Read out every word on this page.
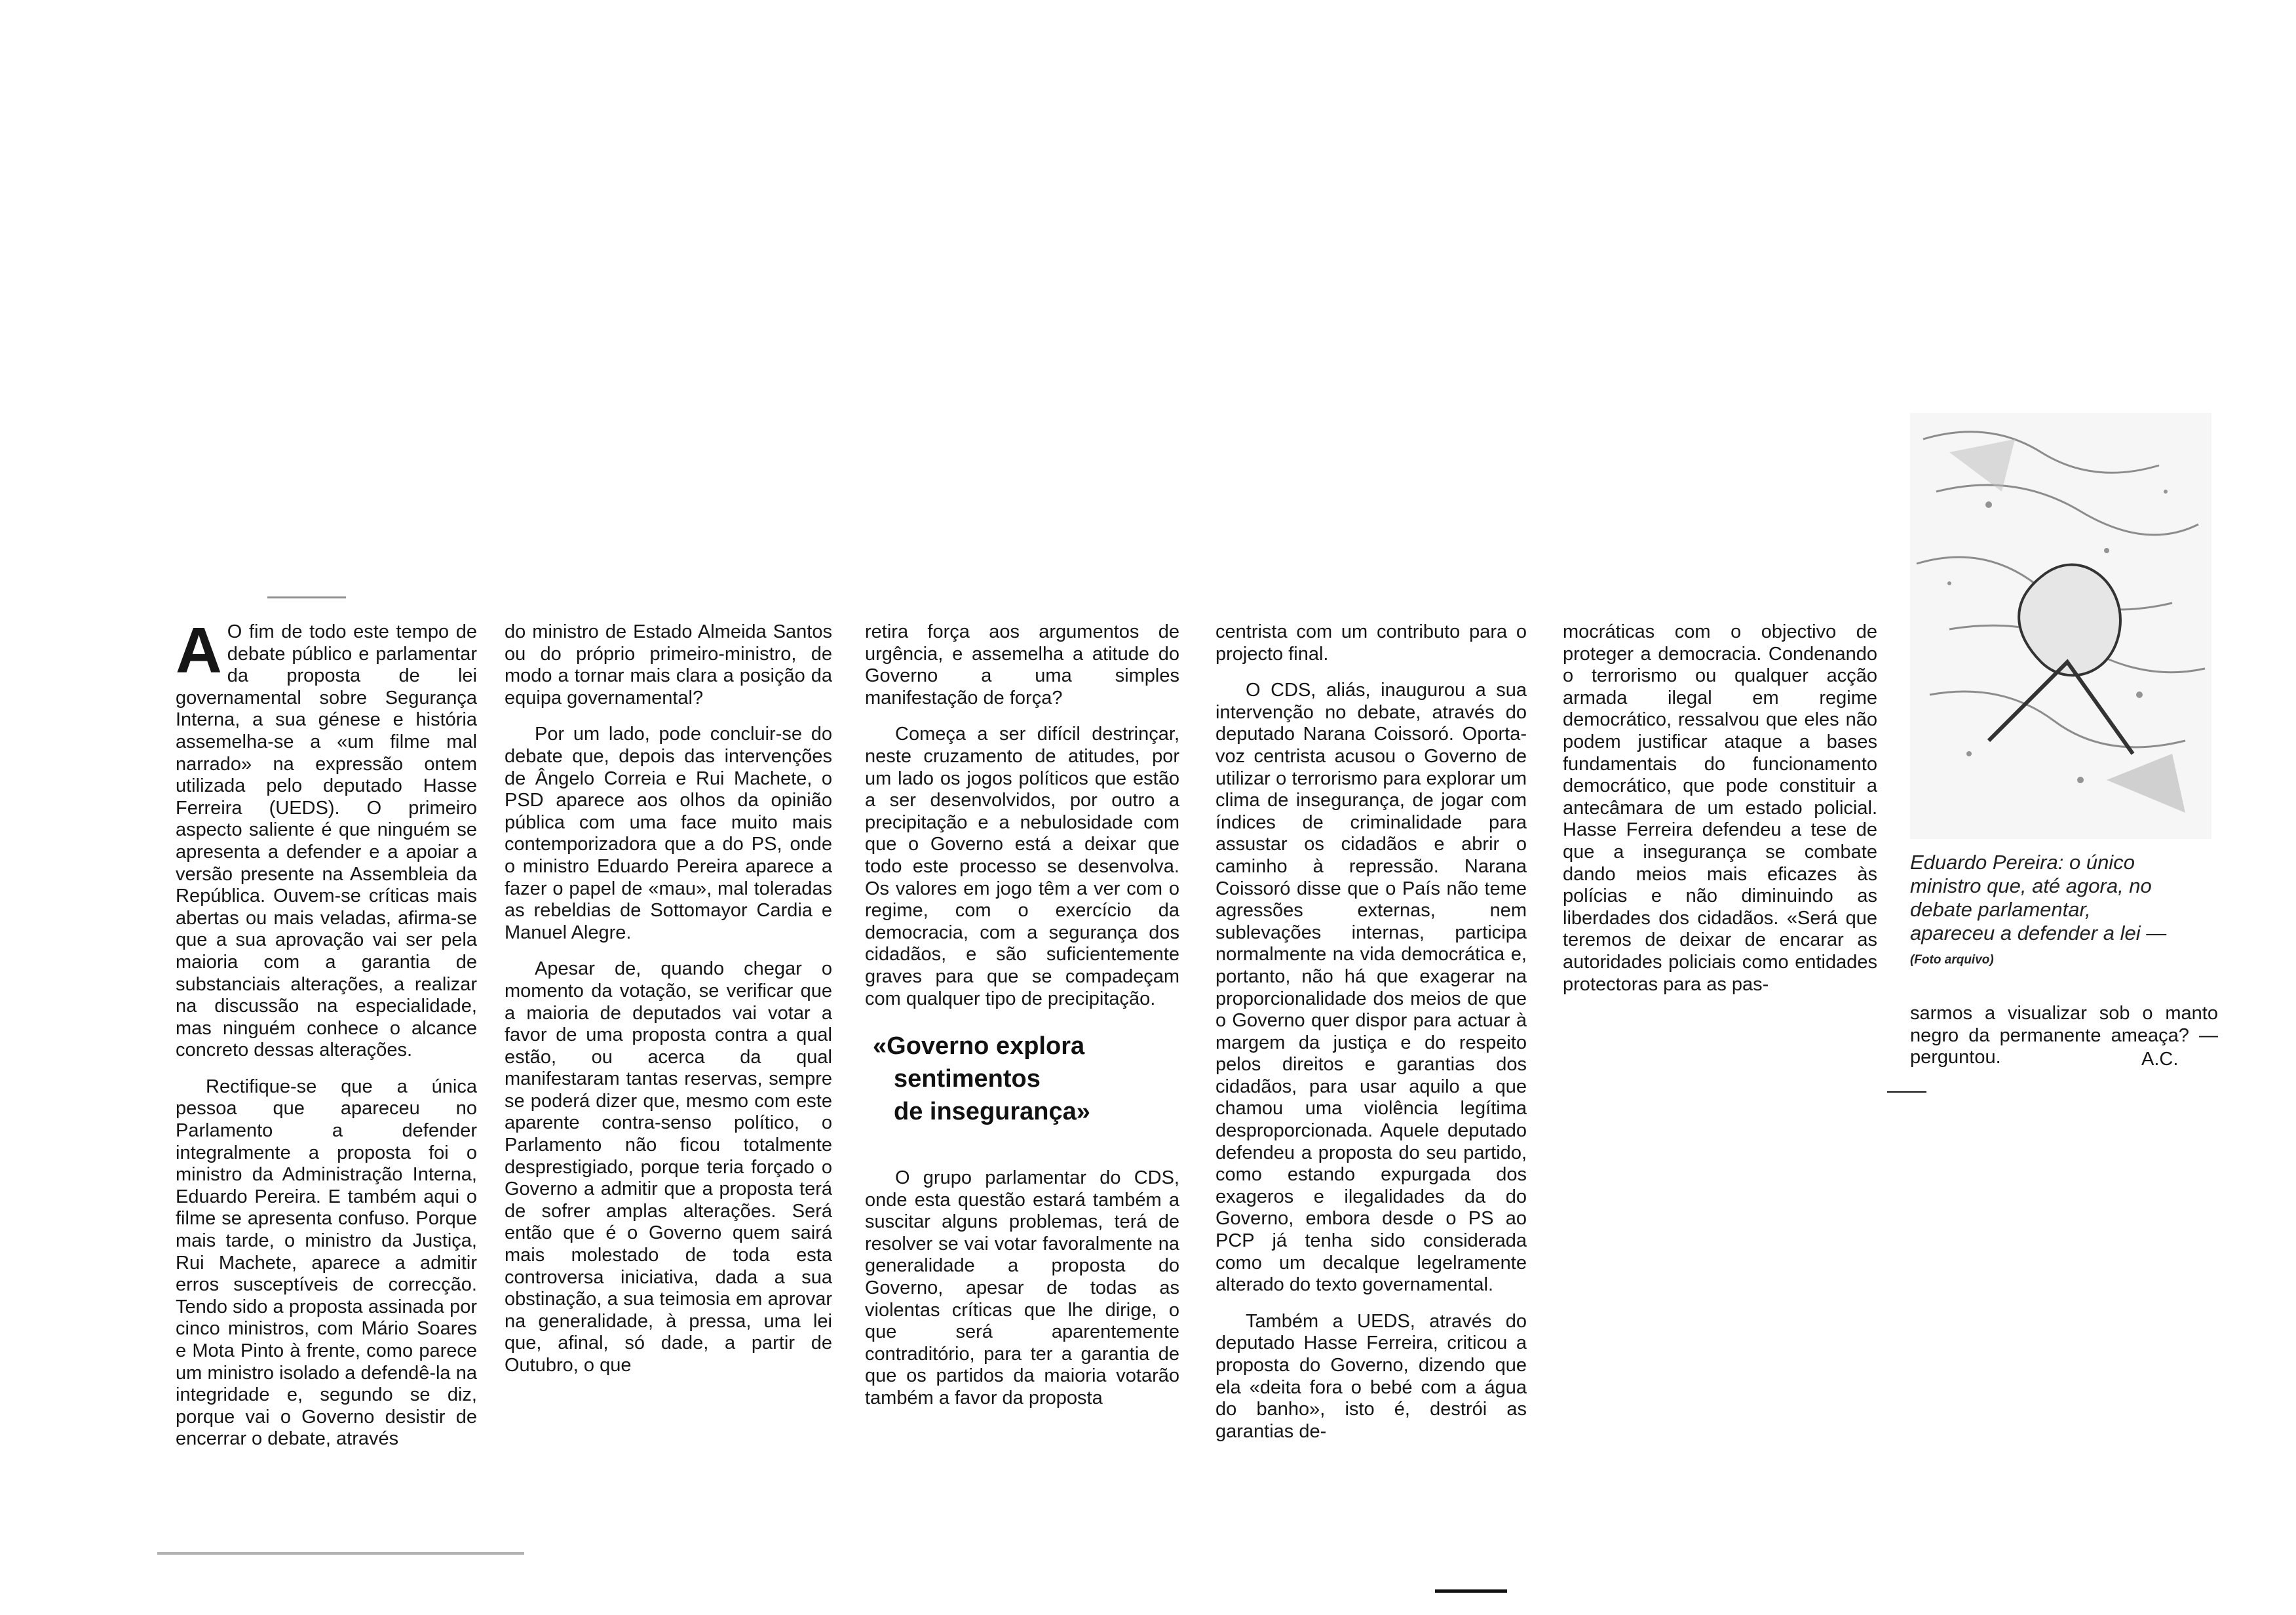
A O fim de todo este tempo de debate público e parlamentar da proposta de lei governamental sobre Segurança Interna, a sua génese e história assemelha-se a «um filme mal narrado» na expressão ontem utilizada pelo deputado Hasse Ferreira (UEDS). O primeiro aspecto saliente é que ninguém se apresenta a defender e a apoiar a versão presente na Assembleia da República. Ouvem-se críticas mais abertas ou mais veladas, afirma-se que a sua aprovação vai ser pela maioria com a garantia de substanciais alterações, a realizar na discussão na especialidade, mas ninguém conhece o alcance concreto dessas alterações.

Rectifique-se que a única pessoa que apareceu no Parlamento a defender integralmente a proposta foi o ministro da Administração Interna, Eduardo Pereira. E também aqui o filme se apresenta confuso. Porque mais tarde, o ministro da Justiça, Rui Machete, aparece a admitir erros susceptíveis de correcção. Tendo sido a proposta assinada por cinco ministros, com Mário Soares e Mota Pinto à frente, como parece um ministro isolado a defendê-la na integridade e, segundo se diz, porque vai o Governo desistir de encerrar o debate, através

do ministro de Estado Almeida Santos ou do próprio primeiro-ministro, de modo a tornar mais clara a posição da equipa governamental?

Por um lado, pode concluir-se do debate que, depois das intervenções de Ângelo Correia e Rui Machete, o PSD aparece aos olhos da opinião pública com uma face muito mais contemporizadora que a do PS, onde o ministro Eduardo Pereira aparece a fazer o papel de «mau», mal toleradas as rebeldias de Sottomayor Cardia e Manuel Alegre.

Apesar de, quando chegar o momento da votação, se verificar que a maioria de deputados vai votar a favor de uma proposta contra a qual estão, ou acerca da qual manifestaram tantas reservas, sempre se poderá dizer que, mesmo com este aparente contra-senso político, o Parlamento não ficou totalmente desprestigiado, porque teria forçado o Governo a admitir que a proposta terá de sofrer amplas alterações. Será então que é o Governo quem sairá mais molestado de toda esta controversa iniciativa, dada a sua obstinação, a sua teimosia em aprovar na generalidade, à pressa, uma lei que, afinal, só dade, a partir de Outubro, o que

retira força aos argumentos de urgência, e assemelha a atitude do Governo a uma simples manifestação de força?

Começa a ser difícil destrinçar, neste cruzamento de atitudes, por um lado os jogos políticos que estão a ser desenvolvidos, por outro a precipitação e a nebulosidade com que o Governo está a deixar que todo este processo se desenvolva. Os valores em jogo têm a ver com o regime, com o exercício da democracia, com a segurança dos cidadãos, e são suficientemente graves para que se compadeçam com qualquer tipo de precipitação.

«Governo explora
sentimentos
de insegurança»

O grupo parlamentar do CDS, onde esta questão estará também a suscitar alguns problemas, terá de resolver se vai votar favoralmente na generalidade a proposta do Governo, apesar de todas as violentas críticas que lhe dirige, o que será aparentemente contraditório, para ter a garantia de que os partidos da maioria votarão também a favor da proposta

centrista com um contributo para o projecto final.

O CDS, aliás, inaugurou a sua intervenção no debate, através do deputado Narana Coissoró. Oporta-voz centrista acusou o Governo de utilizar o terrorismo para explorar um clima de insegurança, de jogar com índices de criminalidade para assustar os cidadãos e abrir o caminho à repressão. Narana Coissoró disse que o País não teme agressões externas, nem sublevações internas, participa normalmente na vida democrática e, portanto, não há que exagerar na proporcionalidade dos meios de que o Governo quer dispor para actuar à margem da justiça e do respeito pelos direitos e garantias dos cidadãos, para usar aquilo a que chamou uma violência legítima desproporcionada. Aquele deputado defendeu a proposta do seu partido, como estando expurgada dos exageros e ilegalidades da do Governo, embora desde o PS ao PCP já tenha sido considerada como um decalque legelramente alterado do texto governamental.

Também a UEDS, através do deputado Hasse Ferreira, criticou a proposta do Governo, dizendo que ela «deita fora o bebé com a água do banho», isto é, destrói as garantias de-

mocráticas com o objectivo de proteger a democracia. Condenando o terrorismo ou qualquer acção armada ilegal em regime democrático, ressalvou que eles não podem justificar ataque a bases fundamentais do funcionamento democrático, que pode constituir a antecâmara de um estado policial. Hasse Ferreira defendeu a tese de que a insegurança se combate dando meios mais eficazes às polícias e não diminuindo as liberdades dos cidadãos. «Será que teremos de deixar de encarar as autoridades policiais como entidades protectoras para as pas-

Eduardo Pereira: o único ministro que, até agora, no debate parlamentar, apareceu a defender a lei — (Foto arquivo)
sarmos a visualizar sob o manto negro da permanente ameaça? — perguntou.	A.C.
